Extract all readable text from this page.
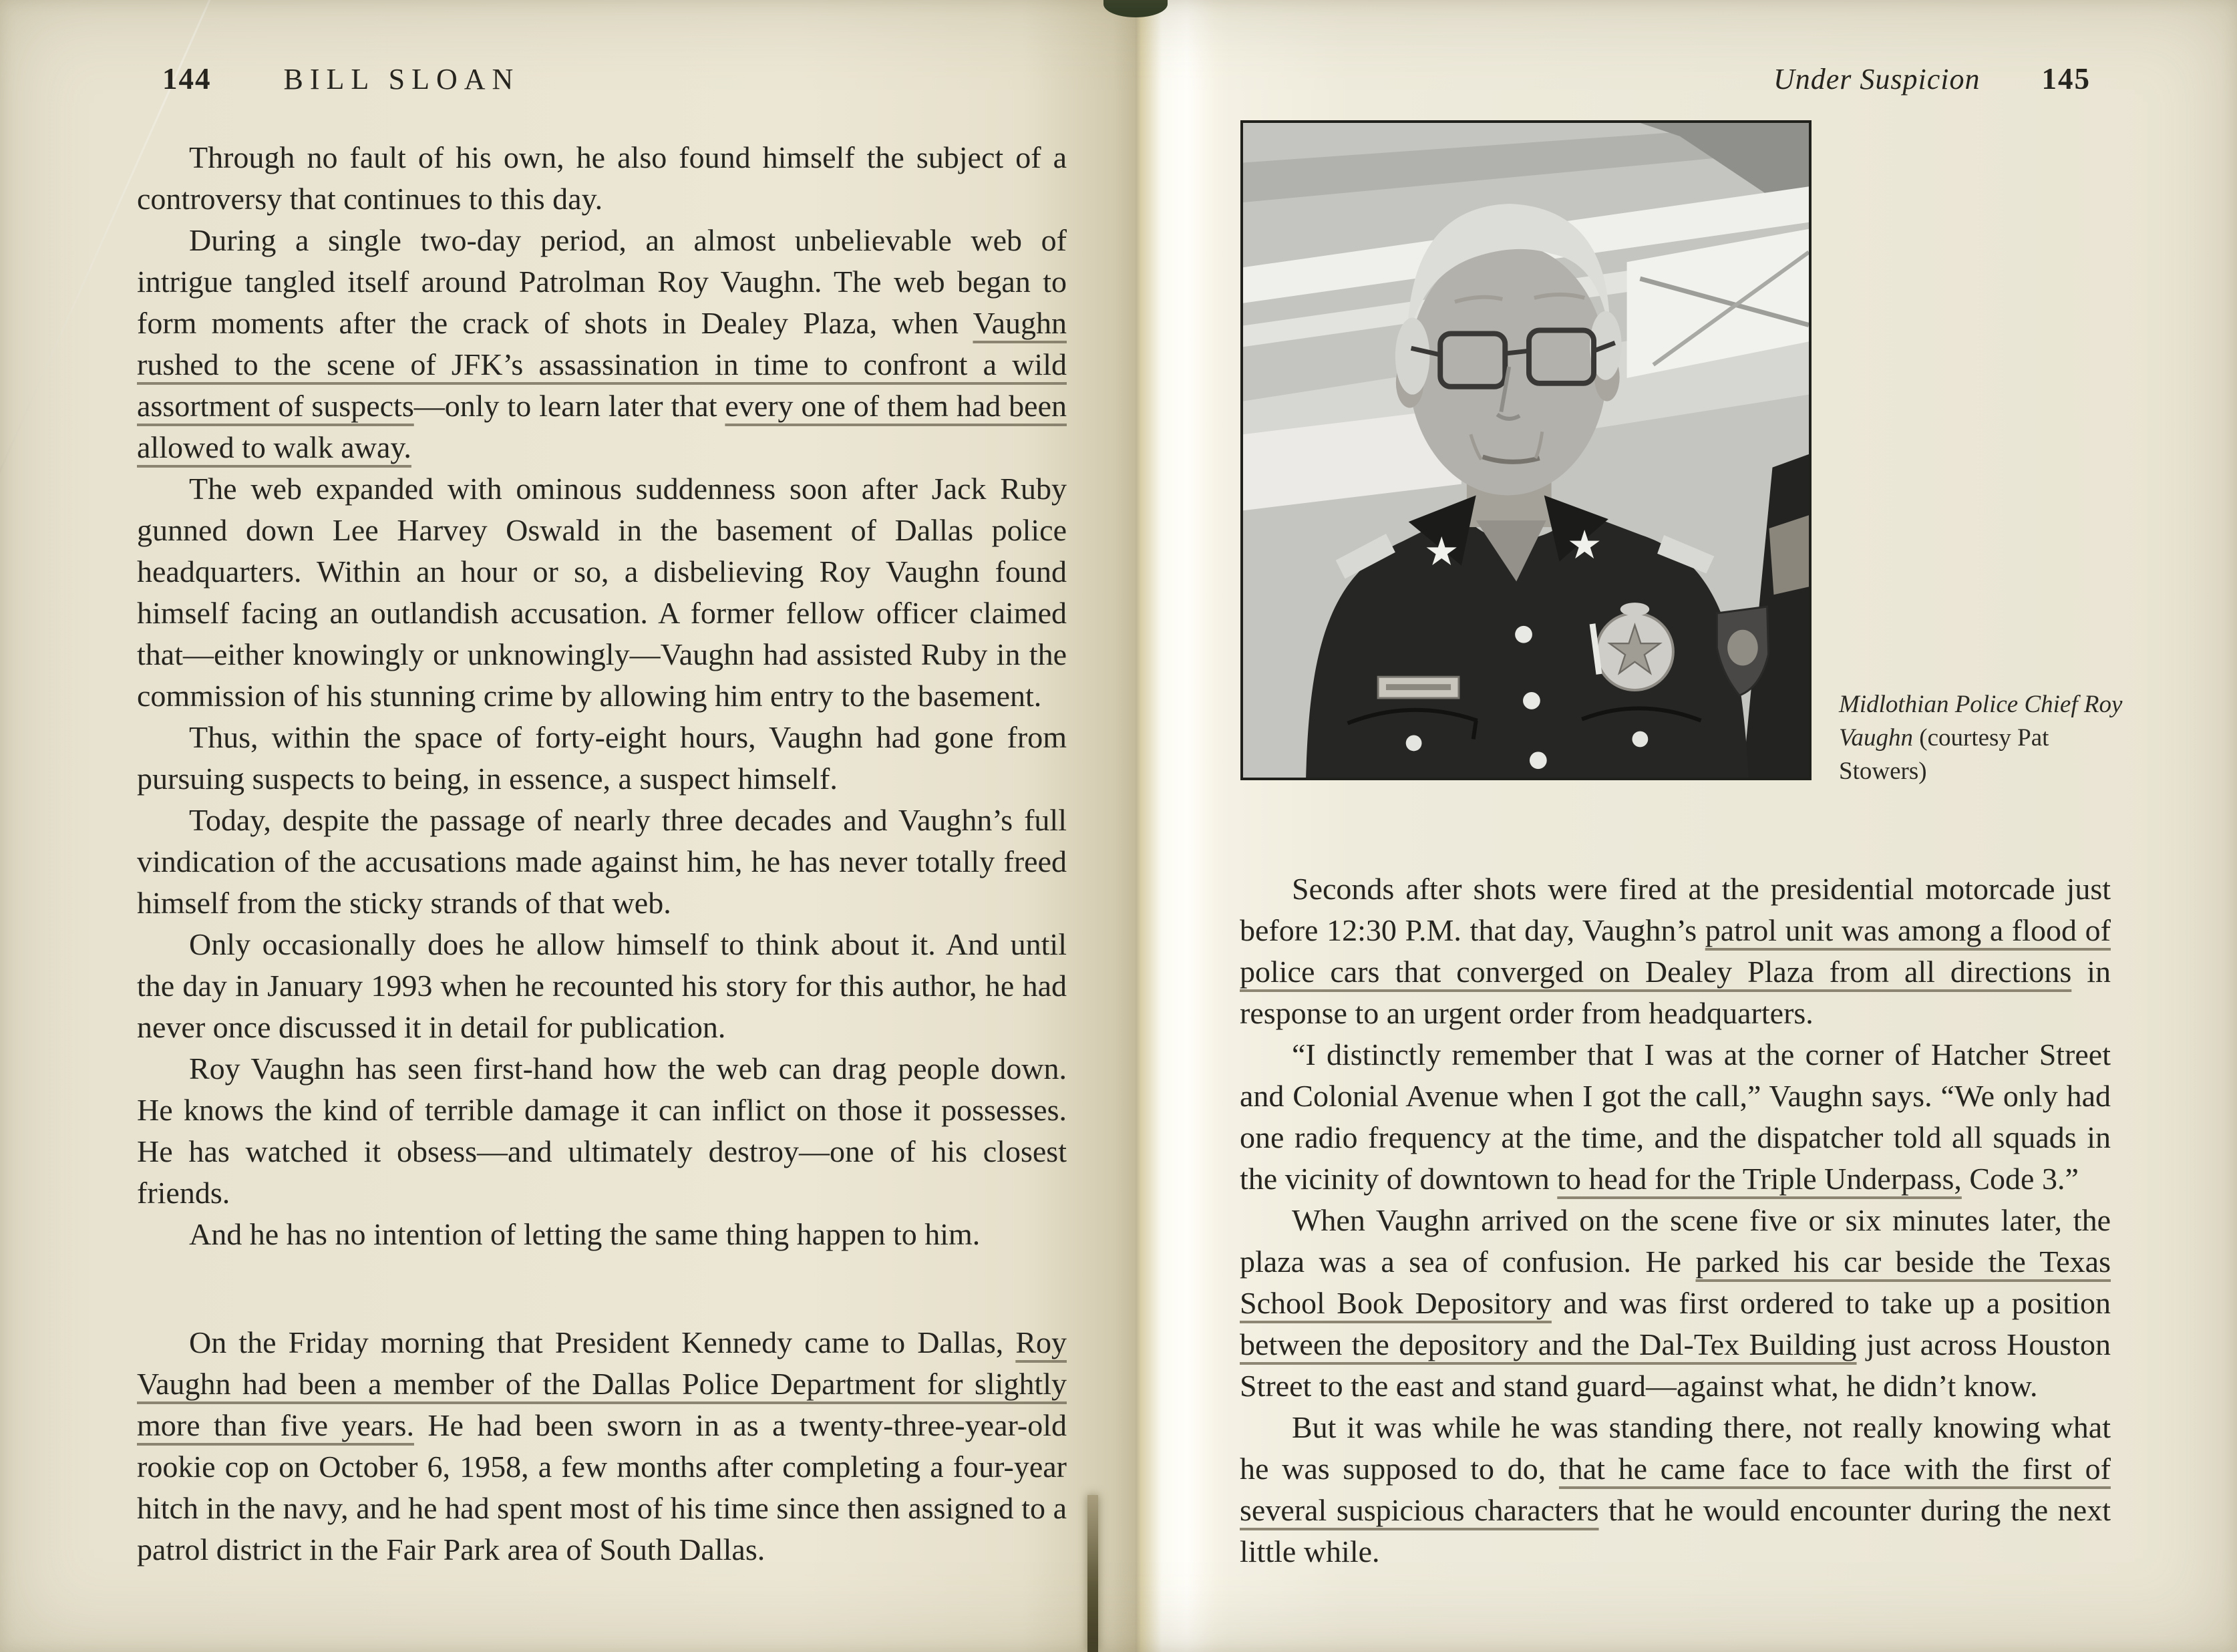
144 BILL SLOAN	Under Suspicion 145

Through no fault of his own, he also found himself the subject of a controversy that continues to this day.

During a single two-day period, an almost unbelievable web of intrigue tangled itself around Patrolman Roy Vaughn. The web began to form moments after the crack of shots in Dealey Plaza, when Vaughn rushed to the scene of JFK’s assassination in time to confront a wild assortment of suspects—only to learn later that every one of them had been allowed to walk away.

The web expanded with ominous suddenness soon after Jack Ruby gunned down Lee Harvey Oswald in the basement of Dallas police headquarters. Within an hour or so, a disbelieving Roy Vaughn found himself facing an outlandish accusation. A former fellow officer claimed that—either knowingly or unknowingly—Vaughn had assisted Ruby in the commission of his stunning crime by allowing him entry to the basement.

Thus, within the space of forty-eight hours, Vaughn had gone from pursuing suspects to being, in essence, a suspect himself.

Today, despite the passage of nearly three decades and Vaughn’s full vindication of the accusations made against him, he has never totally freed himself from the sticky strands of that web.

Only occasionally does he allow himself to think about it. And until the day in January 1993 when he recounted his story for this author, he had never once discussed it in detail for publication.

Roy Vaughn has seen first-hand how the web can drag people down. He knows the kind of terrible damage it can inflict on those it possesses. He has watched it obsess—and ultimately destroy—one of his closest friends.

And he has no intention of letting the same thing happen to him.

On the Friday morning that President Kennedy came to Dallas, Roy Vaughn had been a member of the Dallas Police Department for slightly more than five years. He had been sworn in as a twenty-three-year-old rookie cop on October 6, 1958, a few months after completing a four-year hitch in the navy, and he had spent most of his time since then assigned to a patrol district in the Fair Park area of South Dallas.

Midlothian Police Chief Roy Vaughn (courtesy Pat Stowers)

Seconds after shots were fired at the presidential motorcade just before 12:30 P.M. that day, Vaughn’s patrol unit was among a flood of police cars that converged on Dealey Plaza from all directions in response to an urgent order from headquarters.

“I distinctly remember that I was at the corner of Hatcher Street and Colonial Avenue when I got the call,” Vaughn says. “We only had one radio frequency at the time, and the dispatcher told all squads in the vicinity of downtown to head for the Triple Underpass, Code 3.”

When Vaughn arrived on the scene five or six minutes later, the plaza was a sea of confusion. He parked his car beside the Texas School Book Depository and was first ordered to take up a position between the depository and the Dal-Tex Building just across Houston Street to the east and stand guard—against what, he didn’t know.

But it was while he was standing there, not really knowing what he was supposed to do, that he came face to face with the first of several suspicious characters that he would encounter during the next little while.
